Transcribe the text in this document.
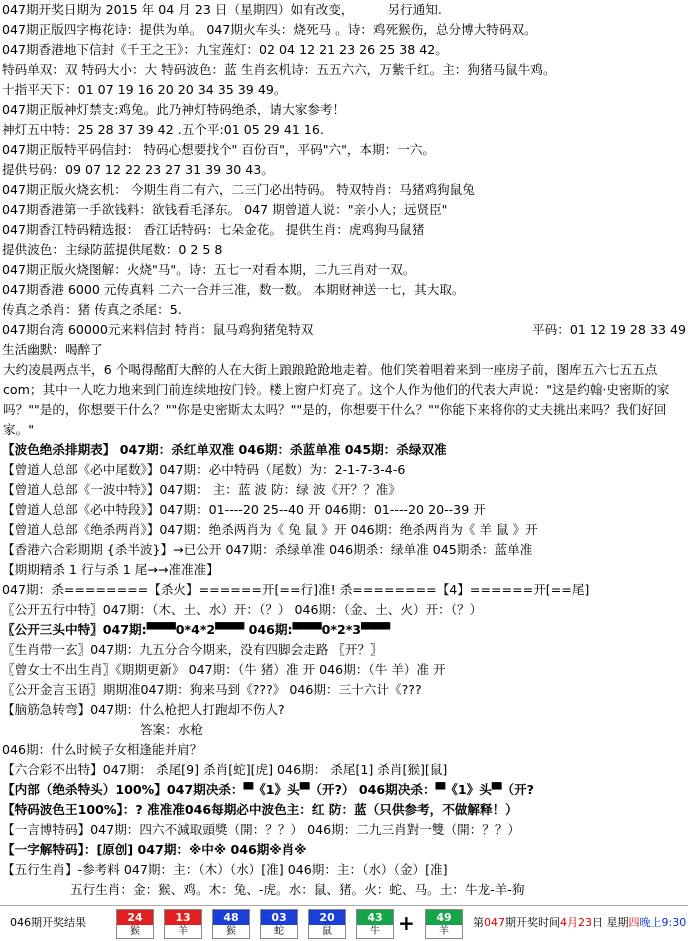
047期开奖日期为 2015 年 04 月 23 日（星期四）如有改变，	另行通知.
047期正版四字梅花诗：提供为单。 047期火车头：烧死马 。诗：鸡死猴伤，总分博大特码双。
047期香港地下信封《千王之王》：九宝莲灯：02 04 12 21 23 26 25 38 42。
特码单双：双 特码大小：大 特码波色：蓝 生肖玄机诗：五五六六，万紫千红。主：狗猪马鼠牛鸡。
十指平天下：01 07 19 16 20 20 34 35 39 49。
047期正版神灯禁支:鸡兔。此乃神灯特码绝杀，请大家参考！
神灯五中特：25 28 37 39 42 .五个平:01 05 29 41 16.
047期正版特平码信封： 特码心想要找个" 百份百"，平码"六"，本期：一六。
提供号码：09 07 12 22 23 27 31 39 30 43。
047期正版火烧玄机： 今期生肖二有六，二三门必出特码。 特双特肖：马猪鸡狗鼠兔
047期香港第一手欲钱料：欲钱看毛泽东。 047 期曾道人说："亲小人；远贤臣"
047期香江特码精选报： 香江话特码：七朵金花。 提供生肖：虎鸡狗马鼠猪
提供波色：主绿防蓝提供尾数：0 2 5 8
047期正版火烧图解：火烧"马"。诗：五七一对看本期，二九三肖对一双。
047期香港 6000 元传真料 二六一合并三准，数一数。 本期财神送一七，其大取。
传真之杀肖：猪 传真之杀尾：5.
047期台湾 60000元来料信封 特肖：鼠马鸡狗猪兔特双	平码：01 12 19 28 33 49
生活幽默：喝醉了
大约凌晨两点半，6 个喝得酩酊大醉的人在大街上踉踉跄跄地走着。他们笑着唱着来到一座房子前，图库五六七五五点 com；其中一人吃力地来到门前连续地按门铃。楼上窗户灯亮了。这个人作为他们的代表大声说："这是约翰·史密斯的家吗？""是的，你想要干什么？""你是史密斯太太吗？""是的，你想要干什么？""你能下来将你的丈夫挑出来吗？我们好回家。"
【波色绝杀排期表】 047期：杀红单双准 046期：杀蓝单准 045期：杀绿双准
【曾道人总部《必中尾数》】047期：必中特码（尾数）为：2-1-7-3-4-6
【曾道人总部《一波中特》】047期： 主：蓝 波 防：绿 波《开？？准》
【曾道人总部《必中特段》】047期：01----20 25--40 开 046期：01----20 20--39 开
【曾道人总部《绝杀两肖》】047期：绝杀两肖为《 兔 鼠 》开 046期：绝杀两肖为《 羊 鼠 》开
【香港六合彩期期 {杀半波}】→已公开 047期：杀绿单准 046期杀：绿单准 045期杀：蓝单准
【期期精杀 1 行与杀 1 尾→→准准准】
047期：杀========【杀火】======开[==行]准! 杀========【4】======开[==尾]
〖公开五行中特〗047期：（木、土、水）开：（？） 046期：（金、土、火）开：（？）
〖公开三头中特〗047期:▀▀▀0*4*2▀▀▀ 046期:▀▀▀0*2*3▀▀▀
〖生肖带一玄〗047期：九五分合今期来，没有四脚会走路 〖开？〗
〖曾女士不出生肖〗《期期更新》 047期：（牛 猪）准 开 046期：（牛 羊）准 开
〖公开金言玉语〗期期准047期：狗来马到《???》 046期：三十六计《???
【脑筋急转弯】047期：什么枪把人打跑却不伤人?
答案：水枪
046期：什么时候子女相逢能并肩？
【六合彩不出特】047期： 杀尾[9] 杀肖[蛇][虎] 046期： 杀尾[1] 杀肖[猴][鼠]
【内部（绝杀特头）100%】047期决杀：▀《1》头▀（开?） 046期决杀：▀《1》头▀（开?
【特码波色王100%】：? 准准准046每期必中波色主：红 防：蓝（只供参考，不做解释！）
【一言博特码】047期：四六不減取頭獎（開：？？） 046期：二九三肖對一雙（開：？？）
【一字解特码】：[原创] 047期：※中※ 046期※肖※
【五行生肖】-参考料 047期：主：（木）（水）[准] 046期：主：（水）（金）[准]
五行生肖：金：猴、鸡。木：兔、-虎。水：鼠、猪。火：蛇、马。土：牛龙-羊-狗
046期开奖结果	24
猴
13
羊
48
猴
03
蛇
20
鼠
43
牛
49
羊
+	第047期开奖时间4月23日 星期四晚上9:30
